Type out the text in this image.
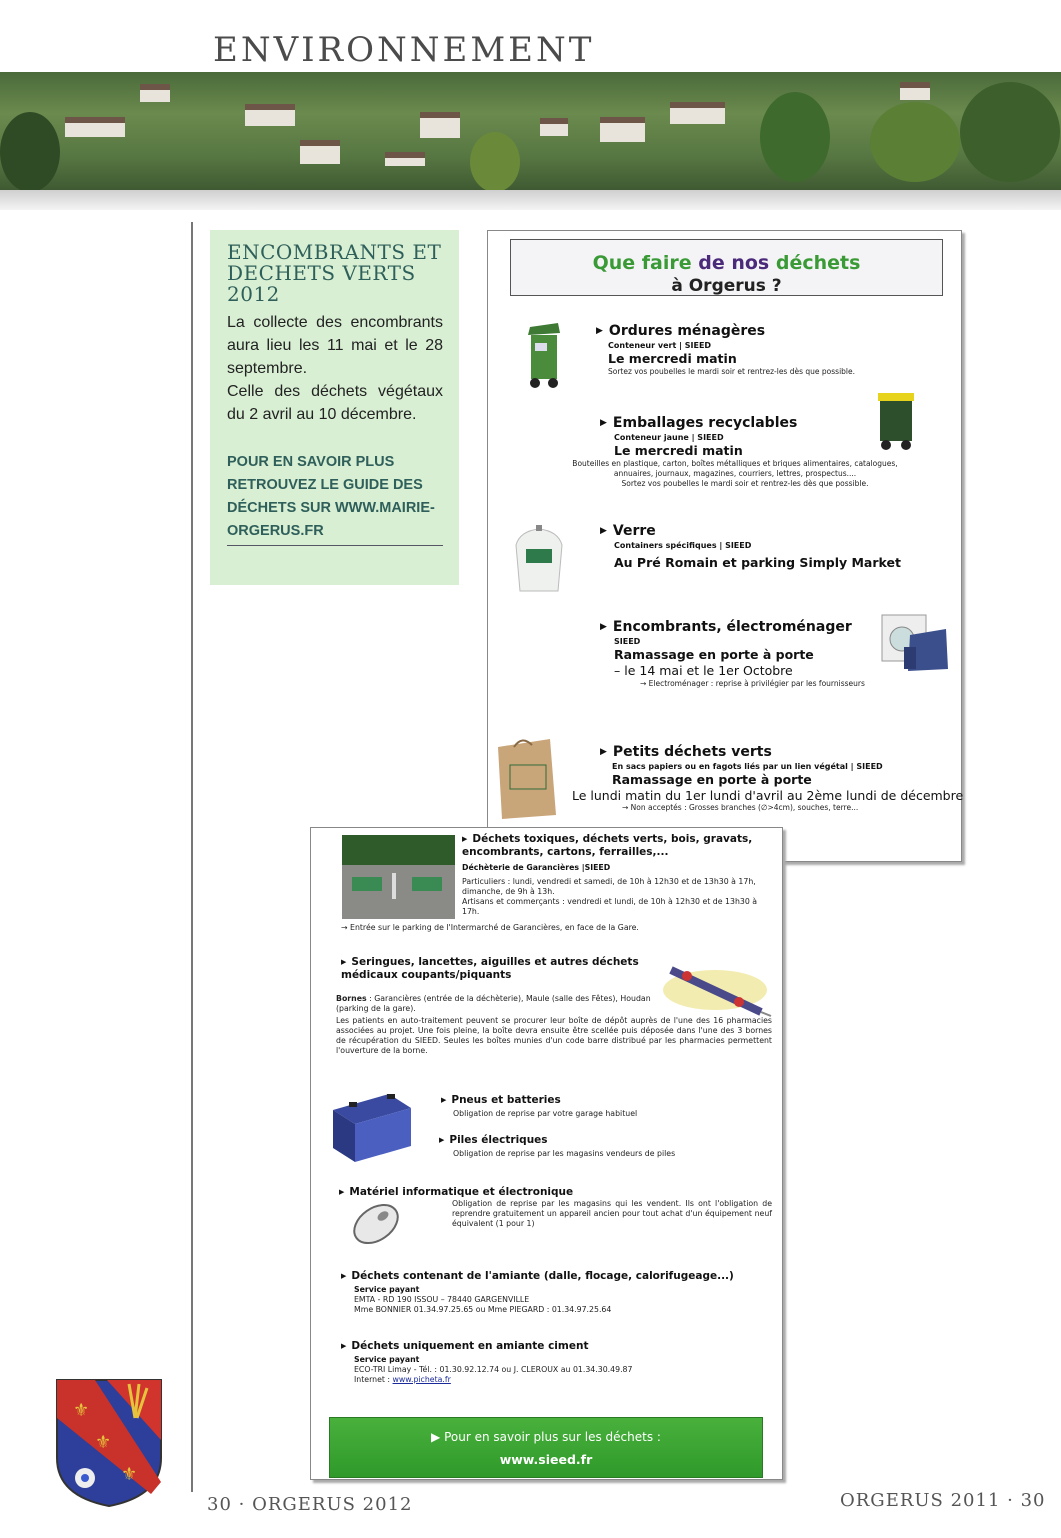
ENVIRONNEMENT
ENCOMBRANTS ET
DECHETS VERTS
2012
La collecte des encombrants aura lieu les 11 mai et le 28 septembre.
Celle des déchets végétaux du 2 avril au 10 décembre.
POUR EN SAVOIR PLUS RETROUVEZ LE GUIDE DES DÉCHETS SUR WWW.MAIRIE-ORGERUS.FR
Que faire de nos déchets
à Orgerus ?
▶ Ordures ménagères
Conteneur vert | SIEED
Le mercredi matin
Sortez vos poubelles le mardi soir et rentrez-les dès que possible.
▶ Emballages recyclables
Conteneur jaune | SIEED
Le mercredi matin
Bouteilles en plastique, carton, boîtes métalliques et briques alimentaires, catalogues,
annuaires, journaux, magazines, courriers, lettres, prospectus....
Sortez vos poubelles le mardi soir et rentrez-les dès que possible.
▶ Verre
Containers spécifiques | SIEED
Au Pré Romain et parking Simply Market
▶ Encombrants, électroménager
SIEED
Ramassage en porte à porte
– le 14 mai et le 1er Octobre
→ Electroménager : reprise à privilégier par les fournisseurs
▶ Petits déchets verts
En sacs papiers ou en fagots liés par un lien végétal | SIEED
Ramassage en porte à porte
Le lundi matin du 1er lundi d'avril au 2ème lundi de décembre
→ Non acceptés : Grosses branches (∅>4cm), souches, terre...
▶ Déchets toxiques, déchets verts, bois, gravats, encombrants, cartons, ferrailles,...
Déchèterie de Garancières |SIEED
Particuliers : lundi, vendredi et samedi, de 10h à 12h30 et de 13h30 à 17h, dimanche, de 9h à 13h.
Artisans et commerçants : vendredi et lundi, de 10h à 12h30 et de 13h30 à 17h.
→ Entrée sur le parking de l'Intermarché de Garancières, en face de la Gare.
▶ Seringues, lancettes, aiguilles et autres déchets médicaux coupants/piquants
Bornes : Garancières (entrée de la déchèterie), Maule (salle des Fêtes), Houdan (parking de la gare).
Les patients en auto-traitement peuvent se procurer leur boîte de dépôt auprès de l'une des 16 pharmacies associées au projet. Une fois pleine, la boîte devra ensuite être scellée puis déposée dans l'une des 3 bornes de récupération du SIEED. Seules les boîtes munies d'un code barre distribué par les pharmacies permettent l'ouverture de la borne.
▶ Pneus et batteries
Obligation de reprise par votre garage habituel
▶ Piles électriques
Obligation de reprise par les magasins vendeurs de piles
▶ Matériel informatique et électronique
Obligation de reprise par les magasins qui les vendent. Ils ont l'obligation de reprendre gratuitement un appareil ancien pour tout achat d'un équipement neuf équivalent (1 pour 1)
▶ Déchets contenant de l'amiante (dalle, flocage, calorifugeage...)
Service payant
EMTA - RD 190 ISSOU – 78440 GARGENVILLE
Mme BONNIER 01.34.97.25.65 ou Mme PIEGARD : 01.34.97.25.64
▶ Déchets uniquement en amiante ciment
Service payant
ECO-TRI Limay - Tél. : 01.30.92.12.74 ou J. CLEROUX au 01.34.30.49.87
Internet : www.picheta.fr
▶ Pour en savoir plus sur les déchets :
www.sieed.fr
⚜
⚜
⚜
30 · ORGERUS 2012	ORGERUS 2011 · 30
